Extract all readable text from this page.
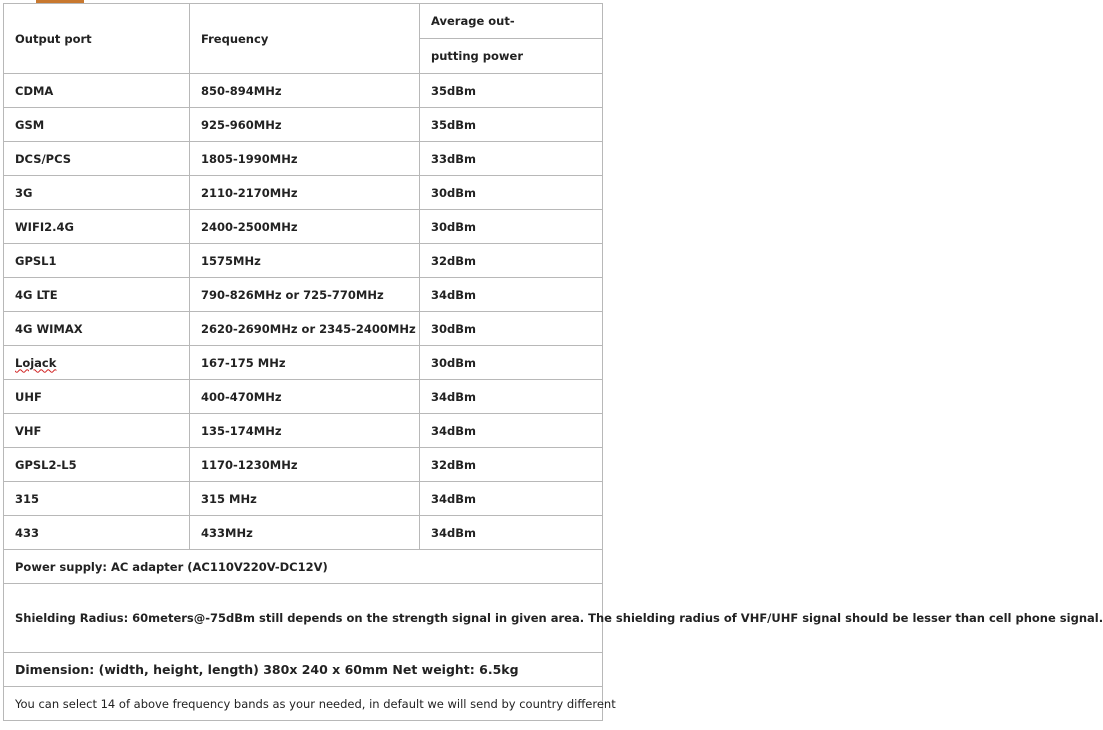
Output port	Frequency	Average out-
		putting power
CDMA	850-894MHz	35dBm
GSM	925-960MHz	35dBm
DCS/PCS	1805-1990MHz	33dBm
3G	2110-2170MHz	30dBm
WIFI2.4G	2400-2500MHz	30dBm
GPSL1	1575MHz	32dBm
4G LTE	790-826MHz or 725-770MHz	34dBm
4G WIMAX	2620-2690MHz or 2345-2400MHz	30dBm
Lojack	167-175 MHz	30dBm
UHF	400-470MHz	34dBm
VHF	135-174MHz	34dBm
GPSL2-L5	1170-1230MHz	32dBm
315	315 MHz	34dBm
433	433MHz	34dBm
Power supply: AC adapter (AC110V220V-DC12V)		
Shielding Radius: 60meters@-75dBm still depends on the strength signal in given area. The shielding radius of VHF/UHF signal should be lesser than cell phone signal.		
Dimension: (width, height, length) 380x 240 x 60mm Net weight: 6.5kg		
You can select 14 of above frequency bands as your needed, in default we will send by country different		
